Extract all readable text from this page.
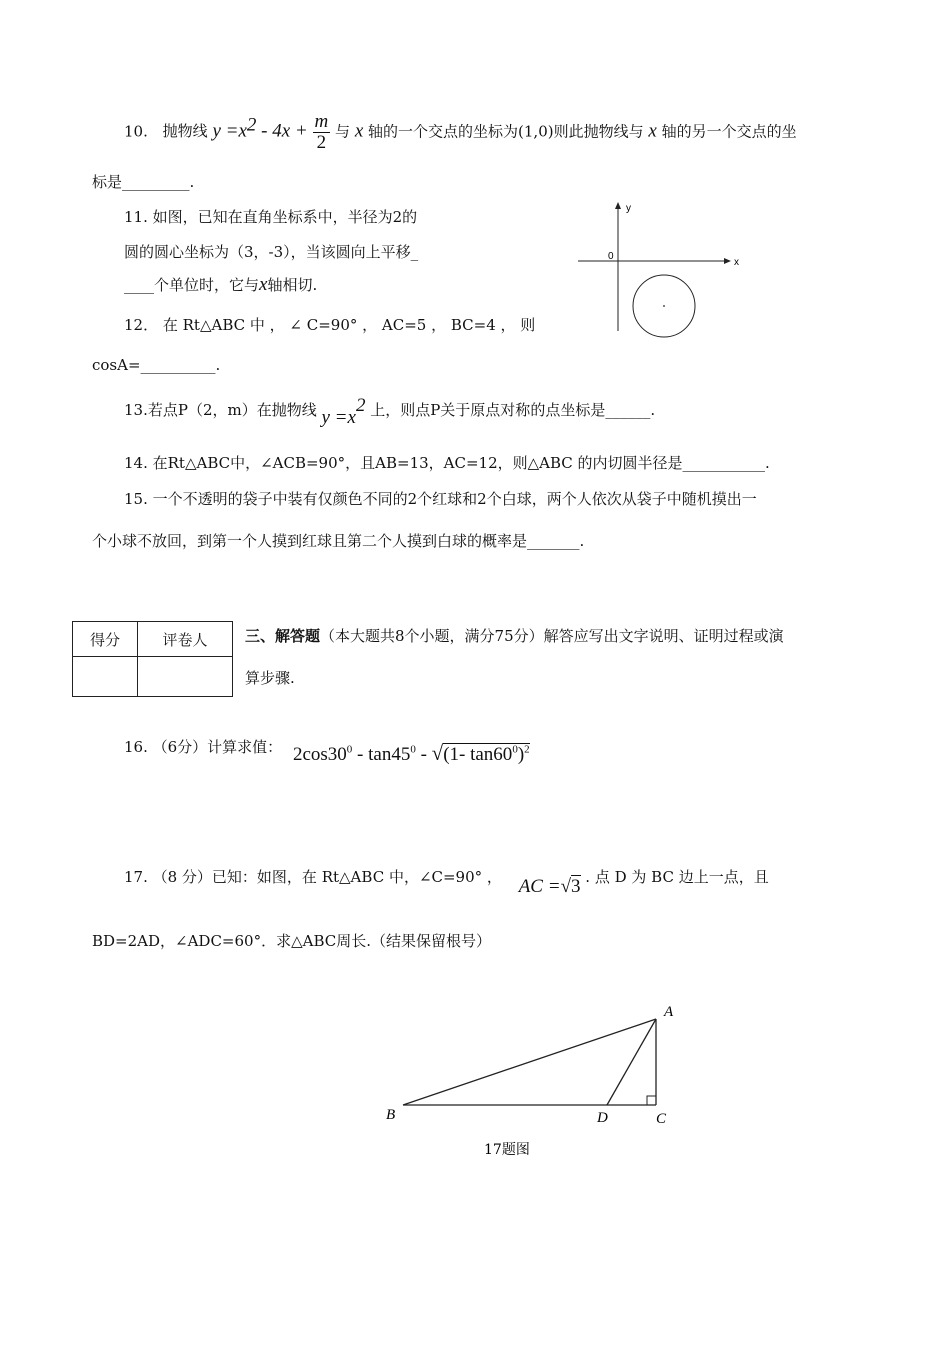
10. 抛物线 $y =x^2 - 4x + \frac{m}{2}$ 与 x 轴的一个交点的坐标为(1,0)则此抛物线与 x 轴的另一个交点的坐
标是_________.
11. 如图，已知在直角坐标系中，半径为2的
圆的圆心坐标为（3，-3），当该圆向上平移_
____个单位时，它与x轴相切.
y
x
0
12． 在 Rt△ABC 中 ， ∠ C=90° ， AC=5 ， BC=4 ， 则
cosA=__________.
13.若点P（2，m）在抛物线 $y =x^2$ 上，则点P关于原点对称的点坐标是______.
14. 在Rt△ABC中，∠ACB=90°，且AB=13，AC=12，则△ABC 的内切圆半径是___________.
15. 一个不透明的袋子中装有仅颜色不同的2个红球和2个白球，两个人依次从袋子中随机摸出一
个小球不放回，到第一个人摸到红球且第二个人摸到白球的概率是_______.
得分	评卷人
		三、解答题（本大题共8个小题，满分75分）解答应写出文字说明、证明过程或演
算步骤.
16. （6分）计算求值： $2\cos 30^0 - \tan 45^0 - √(1-$ $\tan 60^0)^2$
17. （8 分）已知：如图，在 Rt△ABC 中，∠C=90° ， AC =√3 . 点 D 为 BC 边上一点，且
BD=2AD，∠ADC=60°．求△ABC周长.（结果保留根号）
A
B	C
D
17题图
